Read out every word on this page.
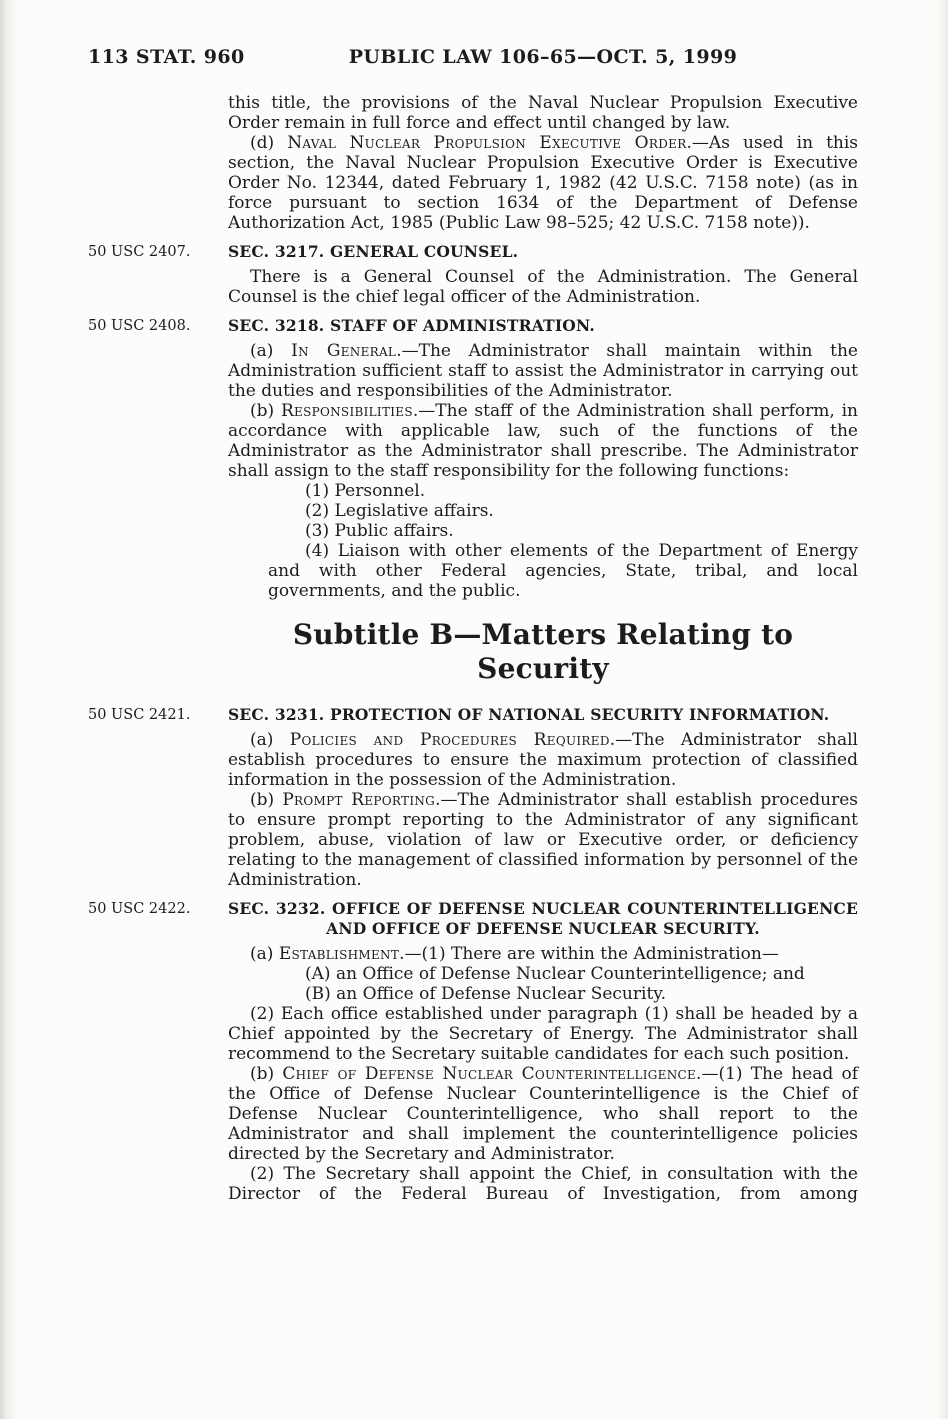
113 STAT. 960	PUBLIC LAW 106–65—OCT. 5, 1999

this title, the provisions of the Naval Nuclear Propulsion Executive Order remain in full force and effect until changed by law.

(d) Naval Nuclear Propulsion Executive Order.—As used in this section, the Naval Nuclear Propulsion Executive Order is Executive Order No. 12344, dated February 1, 1982 (42 U.S.C. 7158 note) (as in force pursuant to section 1634 of the Department of Defense Authorization Act, 1985 (Public Law 98–525; 42 U.S.C. 7158 note)).

50 USC 2407.	SEC. 3217. GENERAL COUNSEL.

There is a General Counsel of the Administration. The General Counsel is the chief legal officer of the Administration.

50 USC 2408.	SEC. 3218. STAFF OF ADMINISTRATION.

(a) In General.—The Administrator shall maintain within the Administration sufficient staff to assist the Administrator in carrying out the duties and responsibilities of the Administrator.

(b) Responsibilities.—The staff of the Administration shall perform, in accordance with applicable law, such of the functions of the Administrator as the Administrator shall prescribe. The Administrator shall assign to the staff responsibility for the following functions:

(1) Personnel.

(2) Legislative affairs.

(3) Public affairs.

(4) Liaison with other elements of the Department of Energy and with other Federal agencies, State, tribal, and local governments, and the public.

Subtitle B—Matters Relating to Security
50 USC 2421.	SEC. 3231. PROTECTION OF NATIONAL SECURITY INFORMATION.

(a) Policies and Procedures Required.—The Administrator shall establish procedures to ensure the maximum protection of classified information in the possession of the Administration.

(b) Prompt Reporting.—The Administrator shall establish procedures to ensure prompt reporting to the Administrator of any significant problem, abuse, violation of law or Executive order, or deficiency relating to the management of classified information by personnel of the Administration.

50 USC 2422.	SEC. 3232. OFFICE OF DEFENSE NUCLEAR COUNTERINTELLIGENCE
AND OFFICE OF DEFENSE NUCLEAR SECURITY.

(a) Establishment.—(1) There are within the Administration—

(A) an Office of Defense Nuclear Counterintelligence; and

(B) an Office of Defense Nuclear Security.

(2) Each office established under paragraph (1) shall be headed by a Chief appointed by the Secretary of Energy. The Administrator shall recommend to the Secretary suitable candidates for each such position.

(b) Chief of Defense Nuclear Counterintelligence.—(1) The head of the Office of Defense Nuclear Counterintelligence is the Chief of Defense Nuclear Counterintelligence, who shall report to the Administrator and shall implement the counterintelligence policies directed by the Secretary and Administrator.

(2) The Secretary shall appoint the Chief, in consultation with the Director of the Federal Bureau of Investigation, from among
